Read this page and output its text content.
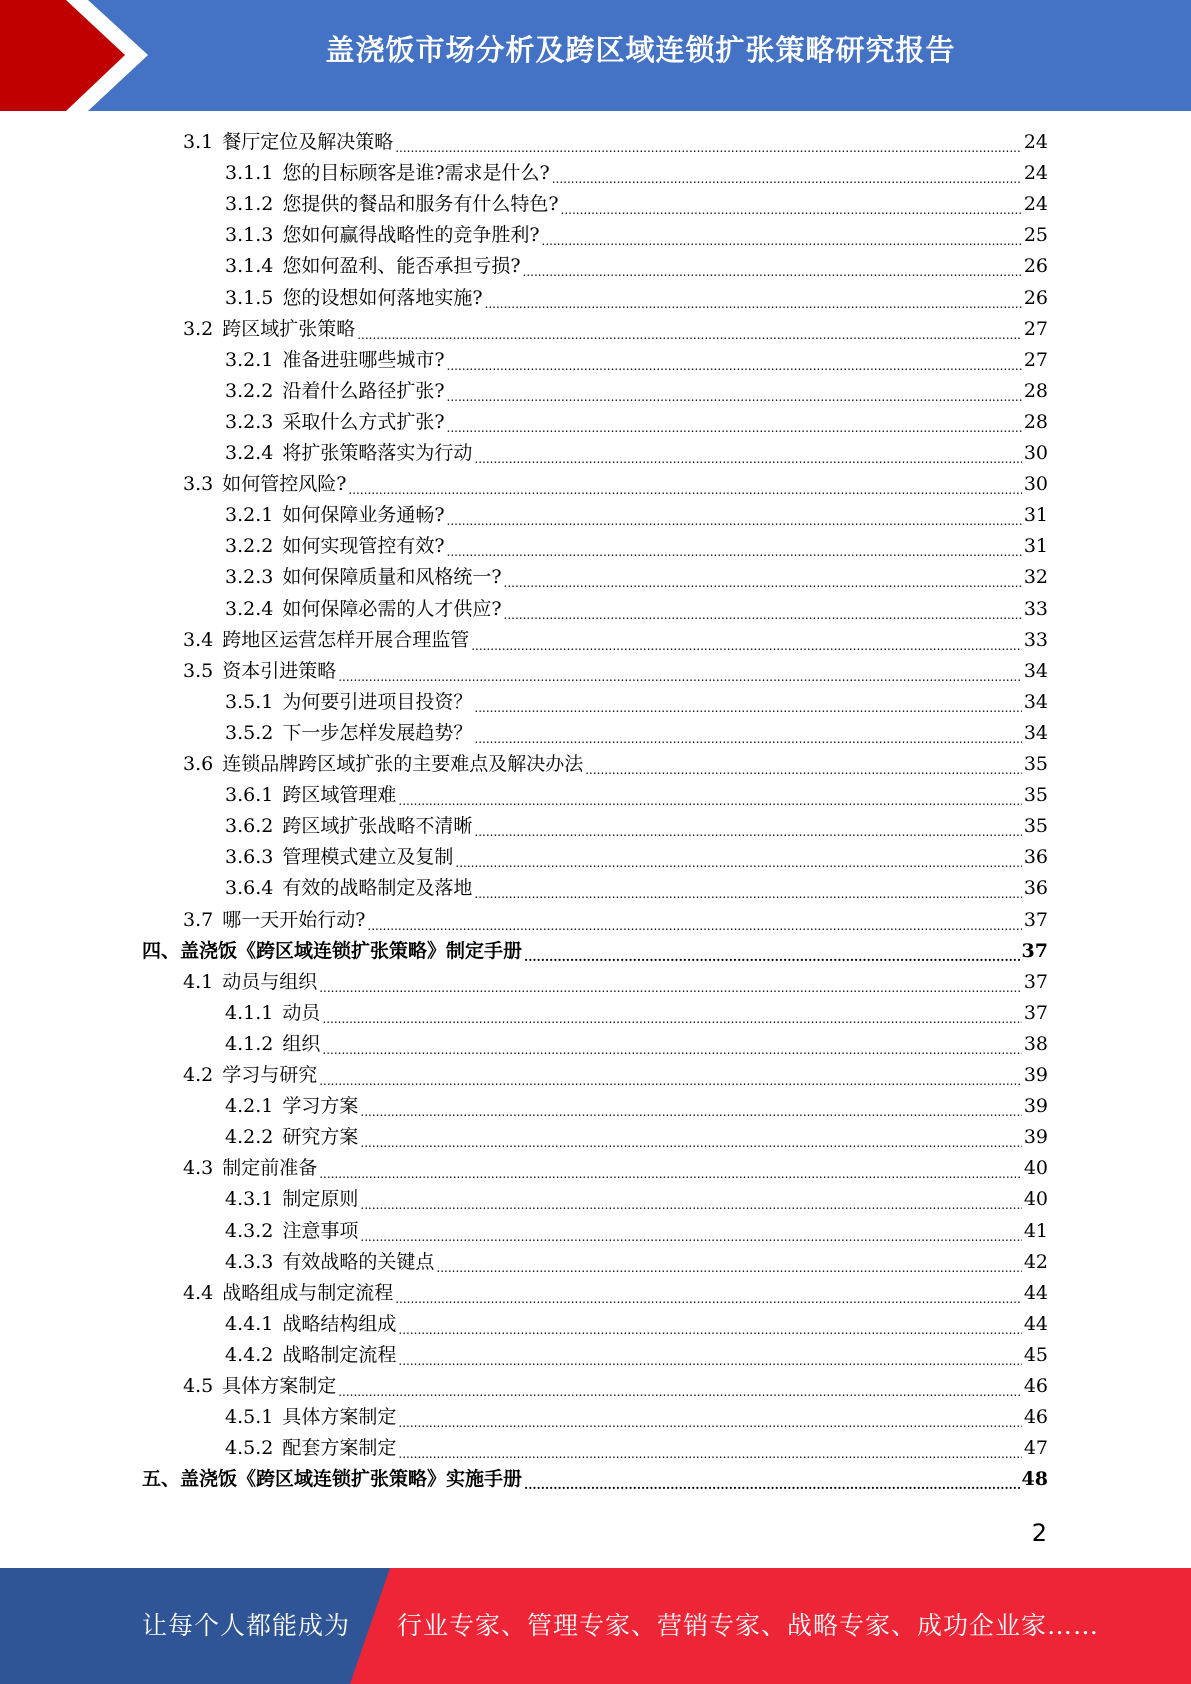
盖浇饭市场分析及跨区域连锁扩张策略研究报告
3.1 餐厅定位及解决策略 .....	24
3.1.1 您的目标顾客是谁?需求是什么? .....	24
3.1.2 您提供的餐品和服务有什么特色? .....	24
3.1.3 您如何赢得战略性的竞争胜利? .....	25
3.1.4 您如何盈利、能否承担亏损? .....	26
3.1.5 您的设想如何落地实施? .....	26
3.2 跨区域扩张策略 .....	27
3.2.1 准备进驻哪些城市? .....	27
3.2.2 沿着什么路径扩张? .....	28
3.2.3 采取什么方式扩张? .....	28
3.2.4 将扩张策略落实为行动 .....	30
3.3 如何管控风险? .....	30
3.2.1 如何保障业务通畅? .....	31
3.2.2 如何实现管控有效? .....	31
3.2.3 如何保障质量和风格统一? .....	32
3.2.4 如何保障必需的人才供应? .....	33
3.4 跨地区运营怎样开展合理监管 .....	33
3.5 资本引进策略 .....	34
3.5.1 为何要引进项目投资？ .....	34
3.5.2 下一步怎样发展趋势？ .....	34
3.6 连锁品牌跨区域扩张的主要难点及解决办法 .....	35
3.6.1 跨区域管理难 .....	35
3.6.2 跨区域扩张战略不清晰 .....	35
3.6.3 管理模式建立及复制 .....	36
3.6.4 有效的战略制定及落地 .....	36
3.7 哪一天开始行动? .....	37
四、盖浇饭《跨区域连锁扩张策略》制定手册 .....	37
4.1 动员与组织 .....	37
4.1.1 动员 .....	37
4.1.2 组织 .....	38
4.2 学习与研究 .....	39
4.2.1 学习方案 .....	39
4.2.2 研究方案 .....	39
4.3 制定前准备 .....	40
4.3.1 制定原则 .....	40
4.3.2 注意事项 .....	41
4.3.3 有效战略的关键点 .....	42
4.4 战略组成与制定流程 .....	44
4.4.1 战略结构组成 .....	44
4.4.2 战略制定流程 .....	45
4.5 具体方案制定 .....	46
4.5.1 具体方案制定 .....	46
4.5.2 配套方案制定 .....	47
五、盖浇饭《跨区域连锁扩张策略》实施手册 .....	48
2
让每个人都能成为 行业专家、管理专家、营销专家、战略专家、成功企业家……
